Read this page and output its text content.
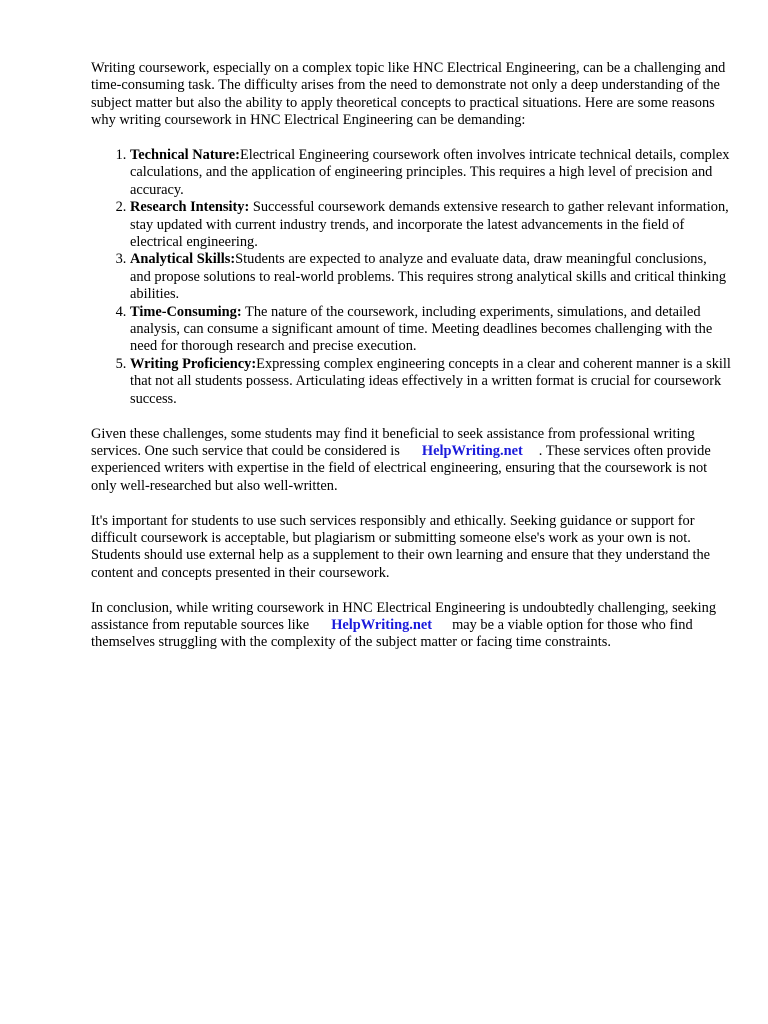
Writing coursework, especially on a complex topic like HNC Electrical Engineering, can be a challenging and time-consuming task. The difficulty arises from the need to demonstrate not only a deep understanding of the subject matter but also the ability to apply theoretical concepts to practical situations. Here are some reasons why writing coursework in HNC Electrical Engineering can be demanding:

1. Technical Nature:Electrical Engineering coursework often involves intricate technical details, complex calculations, and the application of engineering principles. This requires a high level of precision and accuracy.
2. Research Intensity: Successful coursework demands extensive research to gather relevant information, stay updated with current industry trends, and incorporate the latest advancements in the field of electrical engineering.
3. Analytical Skills:Students are expected to analyze and evaluate data, draw meaningful conclusions, and propose solutions to real-world problems. This requires strong analytical skills and critical thinking abilities.
4. Time-Consuming: The nature of the coursework, including experiments, simulations, and detailed analysis, can consume a significant amount of time. Meeting deadlines becomes challenging with the need for thorough research and precise execution.
5. Writing Proficiency:Expressing complex engineering concepts in a clear and coherent manner is a skill that not all students possess. Articulating ideas effectively in a written format is crucial for coursework success.

Given these challenges, some students may find it beneficial to seek assistance from professional writing services. One such service that could be considered is HelpWriting.net . These services often provide experienced writers with expertise in the field of electrical engineering, ensuring that the coursework is not only well-researched but also well-written.

It's important for students to use such services responsibly and ethically. Seeking guidance or support for difficult coursework is acceptable, but plagiarism or submitting someone else's work as your own is not. Students should use external help as a supplement to their own learning and ensure that they understand the content and concepts presented in their coursework.

In conclusion, while writing coursework in HNC Electrical Engineering is undoubtedly challenging, seeking assistance from reputable sources like HelpWriting.net may be a viable option for those who find themselves struggling with the complexity of the subject matter or facing time constraints.
